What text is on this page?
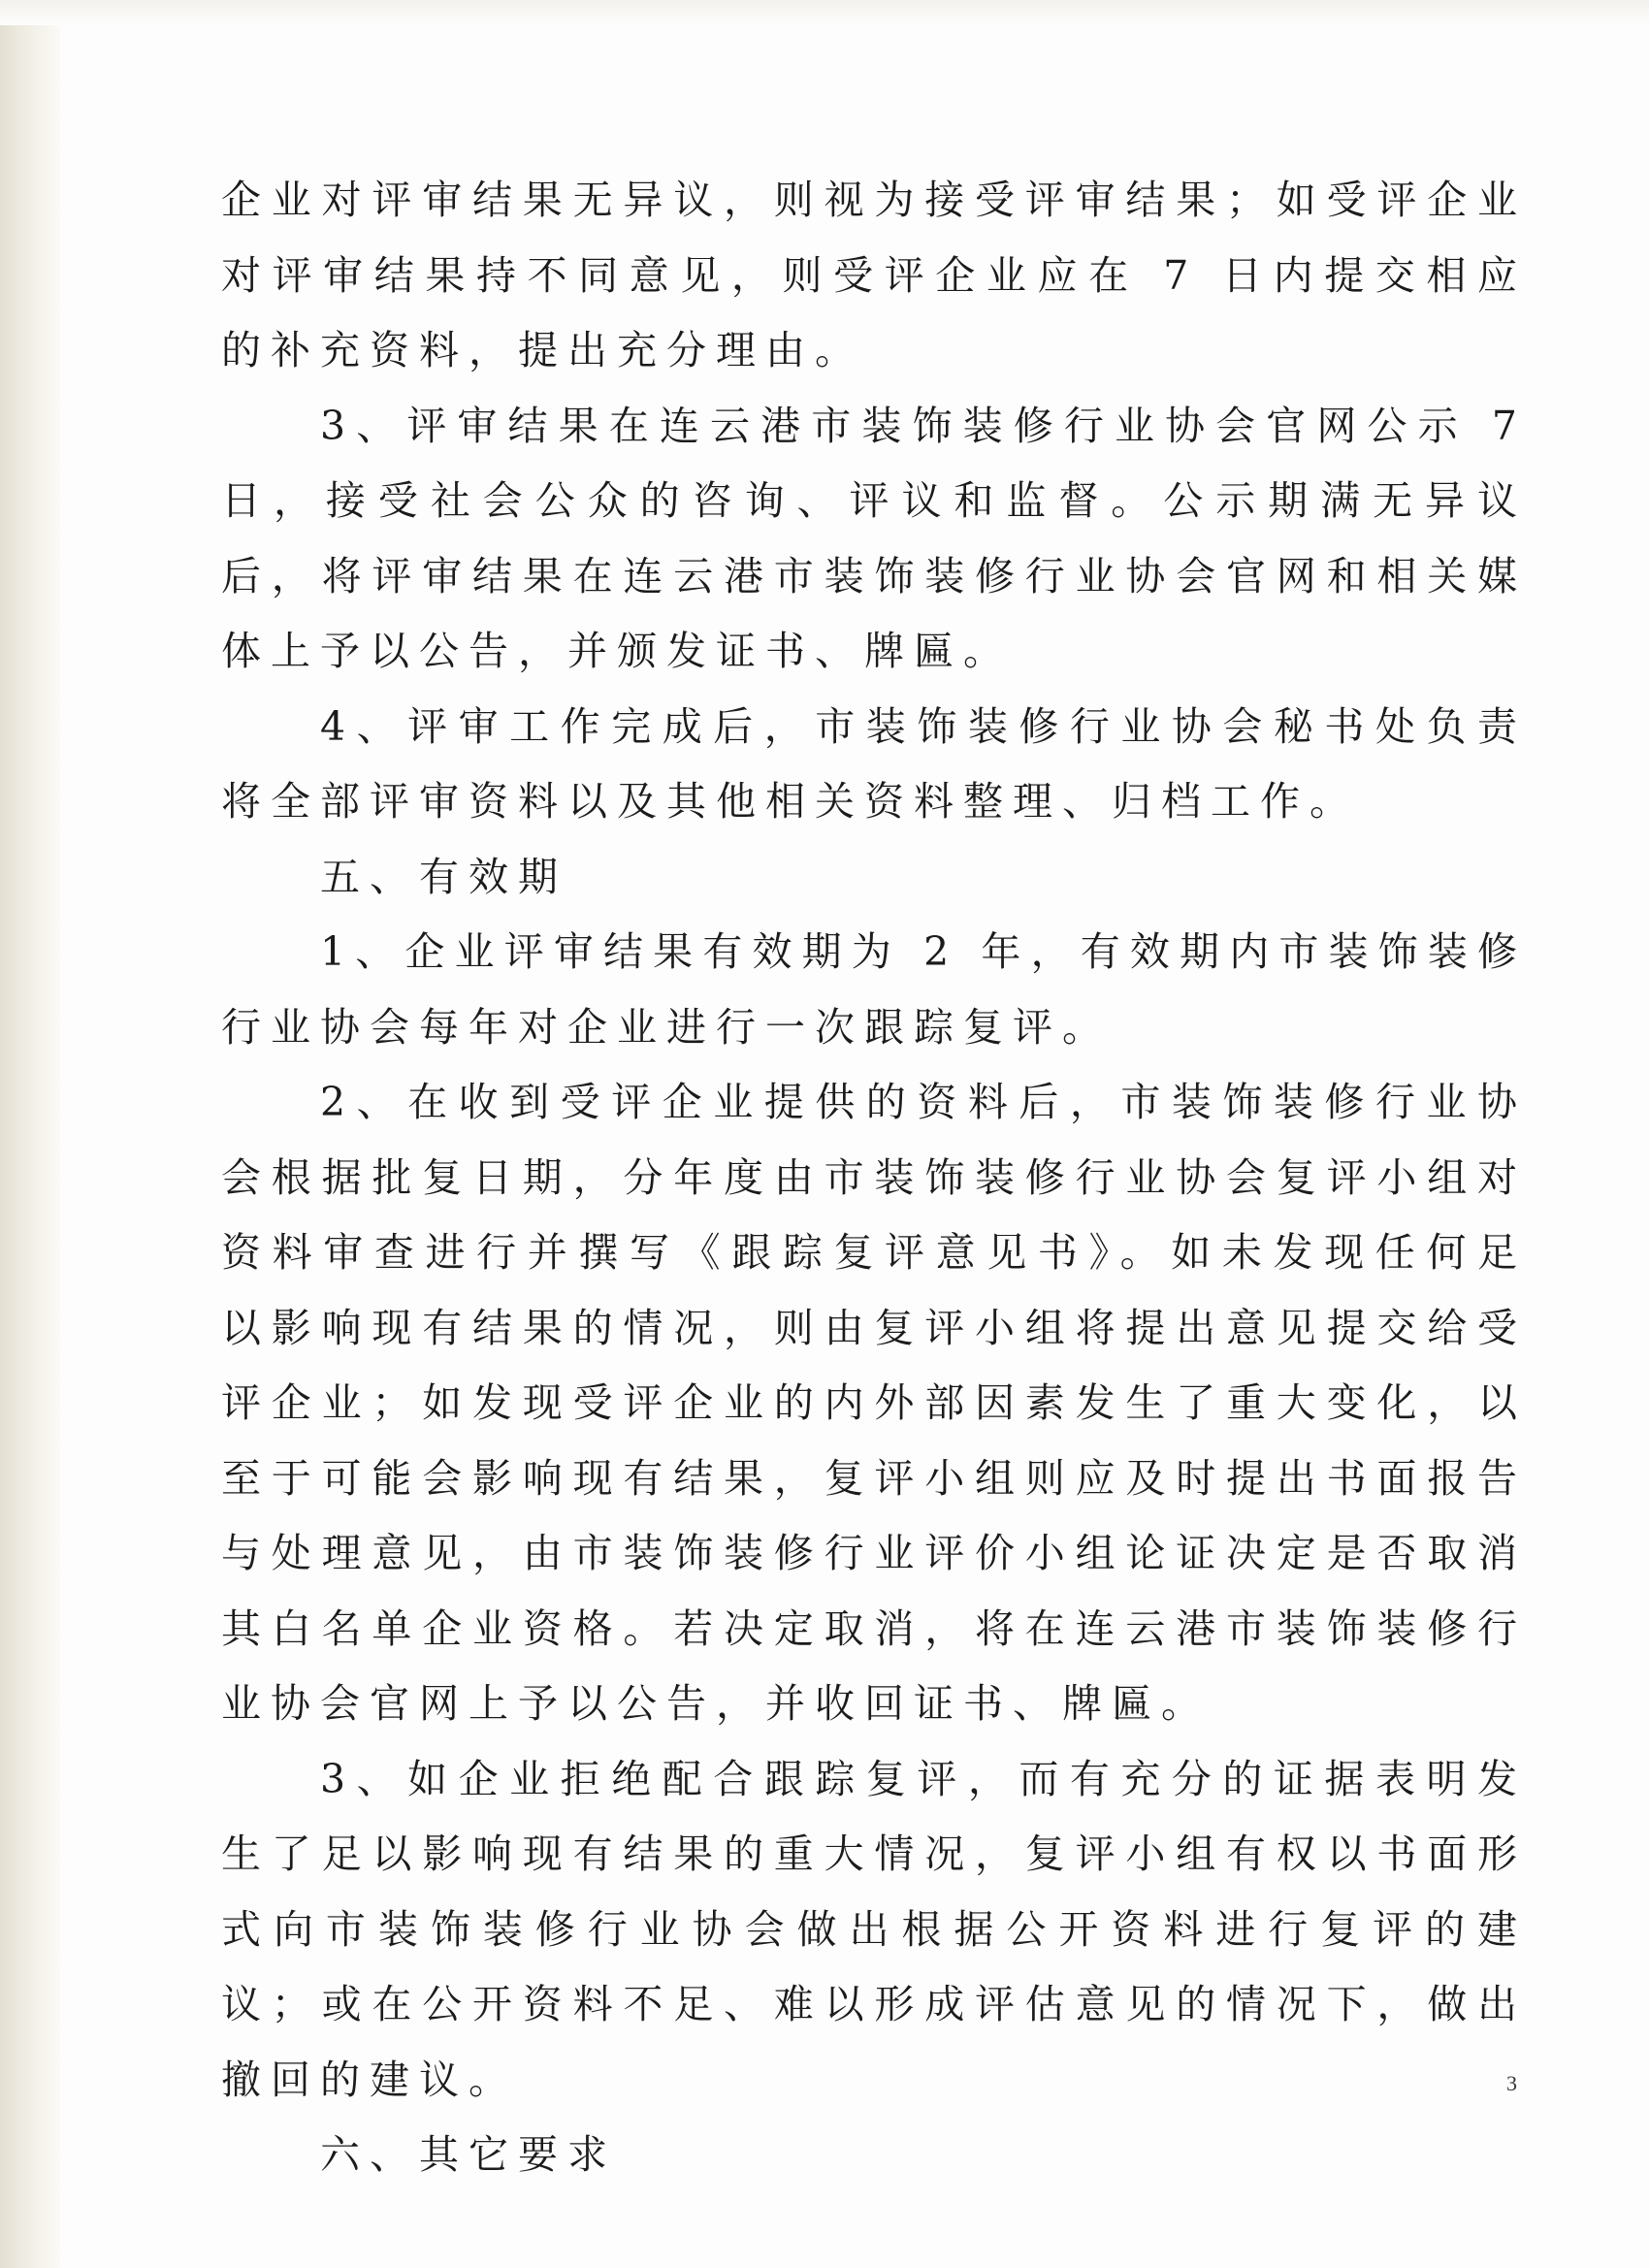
企业对评审结果无异议，则视为接受评审结果；如受评企业对评审结果持不同意见，则受评企业应在 7 日内提交相应的补充资料，提出充分理由。

3、评审结果在连云港市装饰装修行业协会官网公示 7 日，接受社会公众的咨询、评议和监督。公示期满无异议后，将评审结果在连云港市装饰装修行业协会官网和相关媒体上予以公告，并颁发证书、牌匾。

4、评审工作完成后，市装饰装修行业协会秘书处负责将全部评审资料以及其他相关资料整理、归档工作。

五、有效期

1、企业评审结果有效期为 2 年，有效期内市装饰装修行业协会每年对企业进行一次跟踪复评。

2、在收到受评企业提供的资料后，市装饰装修行业协会根据批复日期，分年度由市装饰装修行业协会复评小组对资料审查进行并撰写《跟踪复评意见书》。如未发现任何足以影响现有结果的情况，则由复评小组将提出意见提交给受评企业；如发现受评企业的内外部因素发生了重大变化，以至于可能会影响现有结果，复评小组则应及时提出书面报告与处理意见，由市装饰装修行业评价小组论证决定是否取消其白名单企业资格。若决定取消，将在连云港市装饰装修行业协会官网上予以公告，并收回证书、牌匾。

3、如企业拒绝配合跟踪复评，而有充分的证据表明发生了足以影响现有结果的重大情况，复评小组有权以书面形式向市装饰装修行业协会做出根据公开资料进行复评的建议；或在公开资料不足、难以形成评估意见的情况下，做出撤回的建议。

六、其它要求

3
